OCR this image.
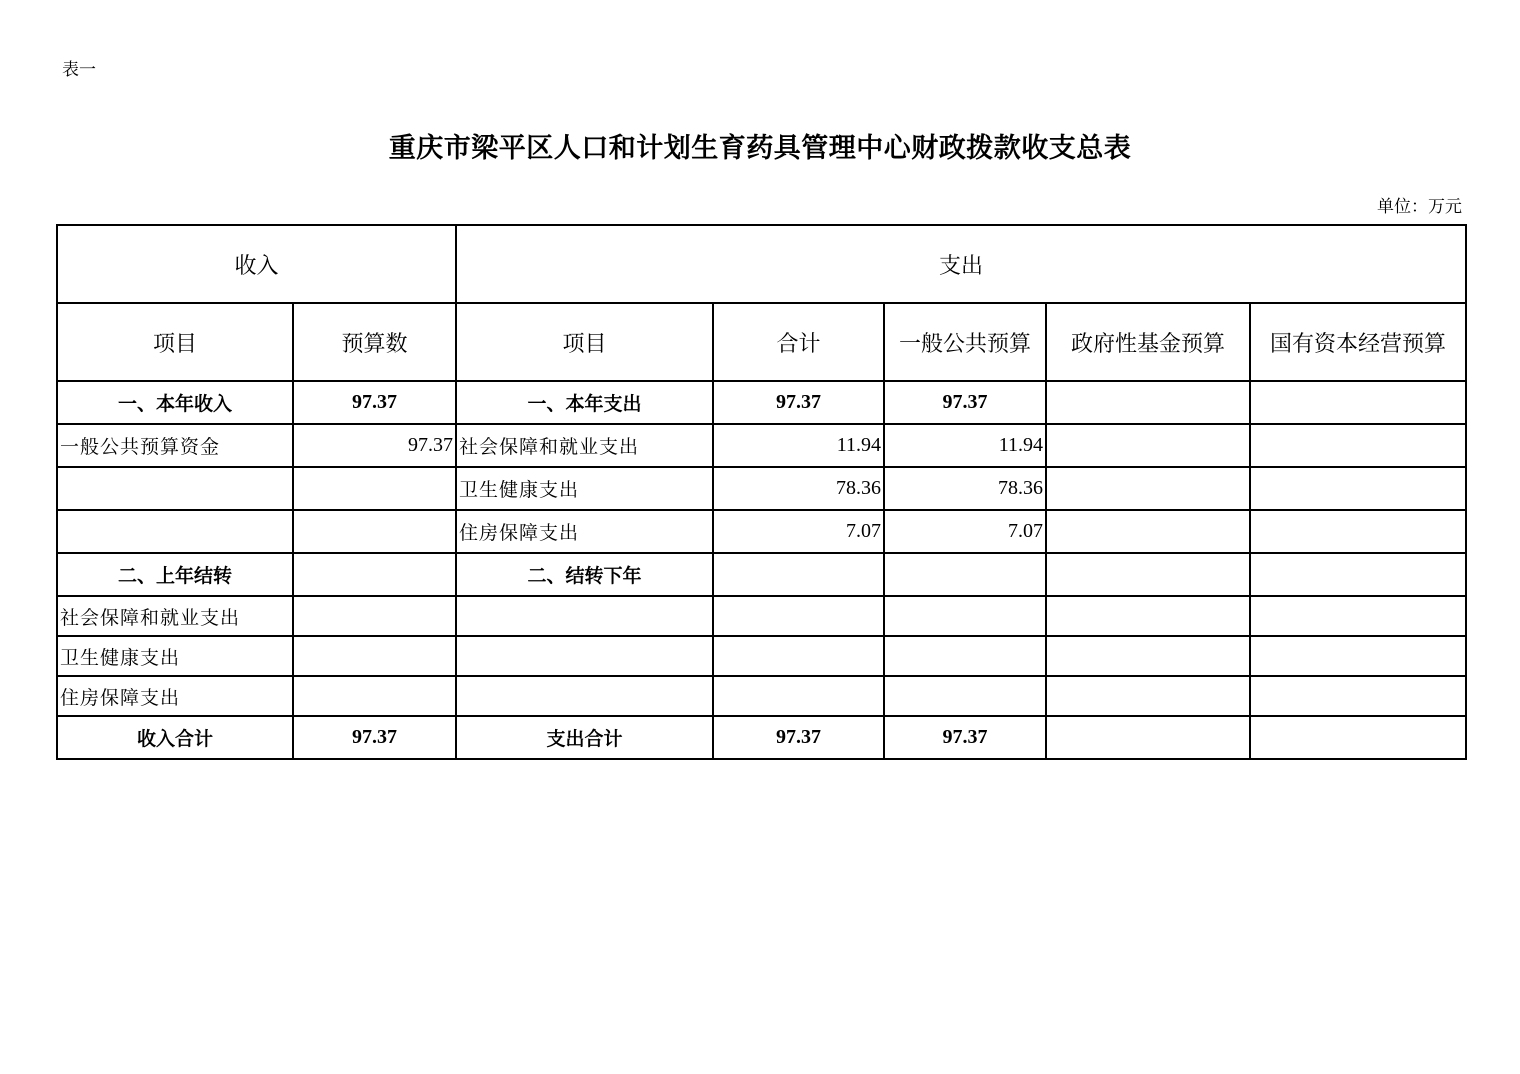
表一
重庆市梁平区人口和计划生育药具管理中心财政拨款收支总表
单位：万元
收入		支出				
项目	预算数	项目	合计	一般公共预算	政府性基金预算	国有资本经营预算
一、本年收入	97.37	一、本年支出	97.37	97.37		
一般公共预算资金	97.37	社会保障和就业支出	11.94	11.94		
		卫生健康支出	78.36	78.36		
		住房保障支出	7.07	7.07		
二、上年结转		二、结转下年				
社会保障和就业支出						
卫生健康支出						
住房保障支出						
收入合计	97.37	支出合计	97.37	97.37		
